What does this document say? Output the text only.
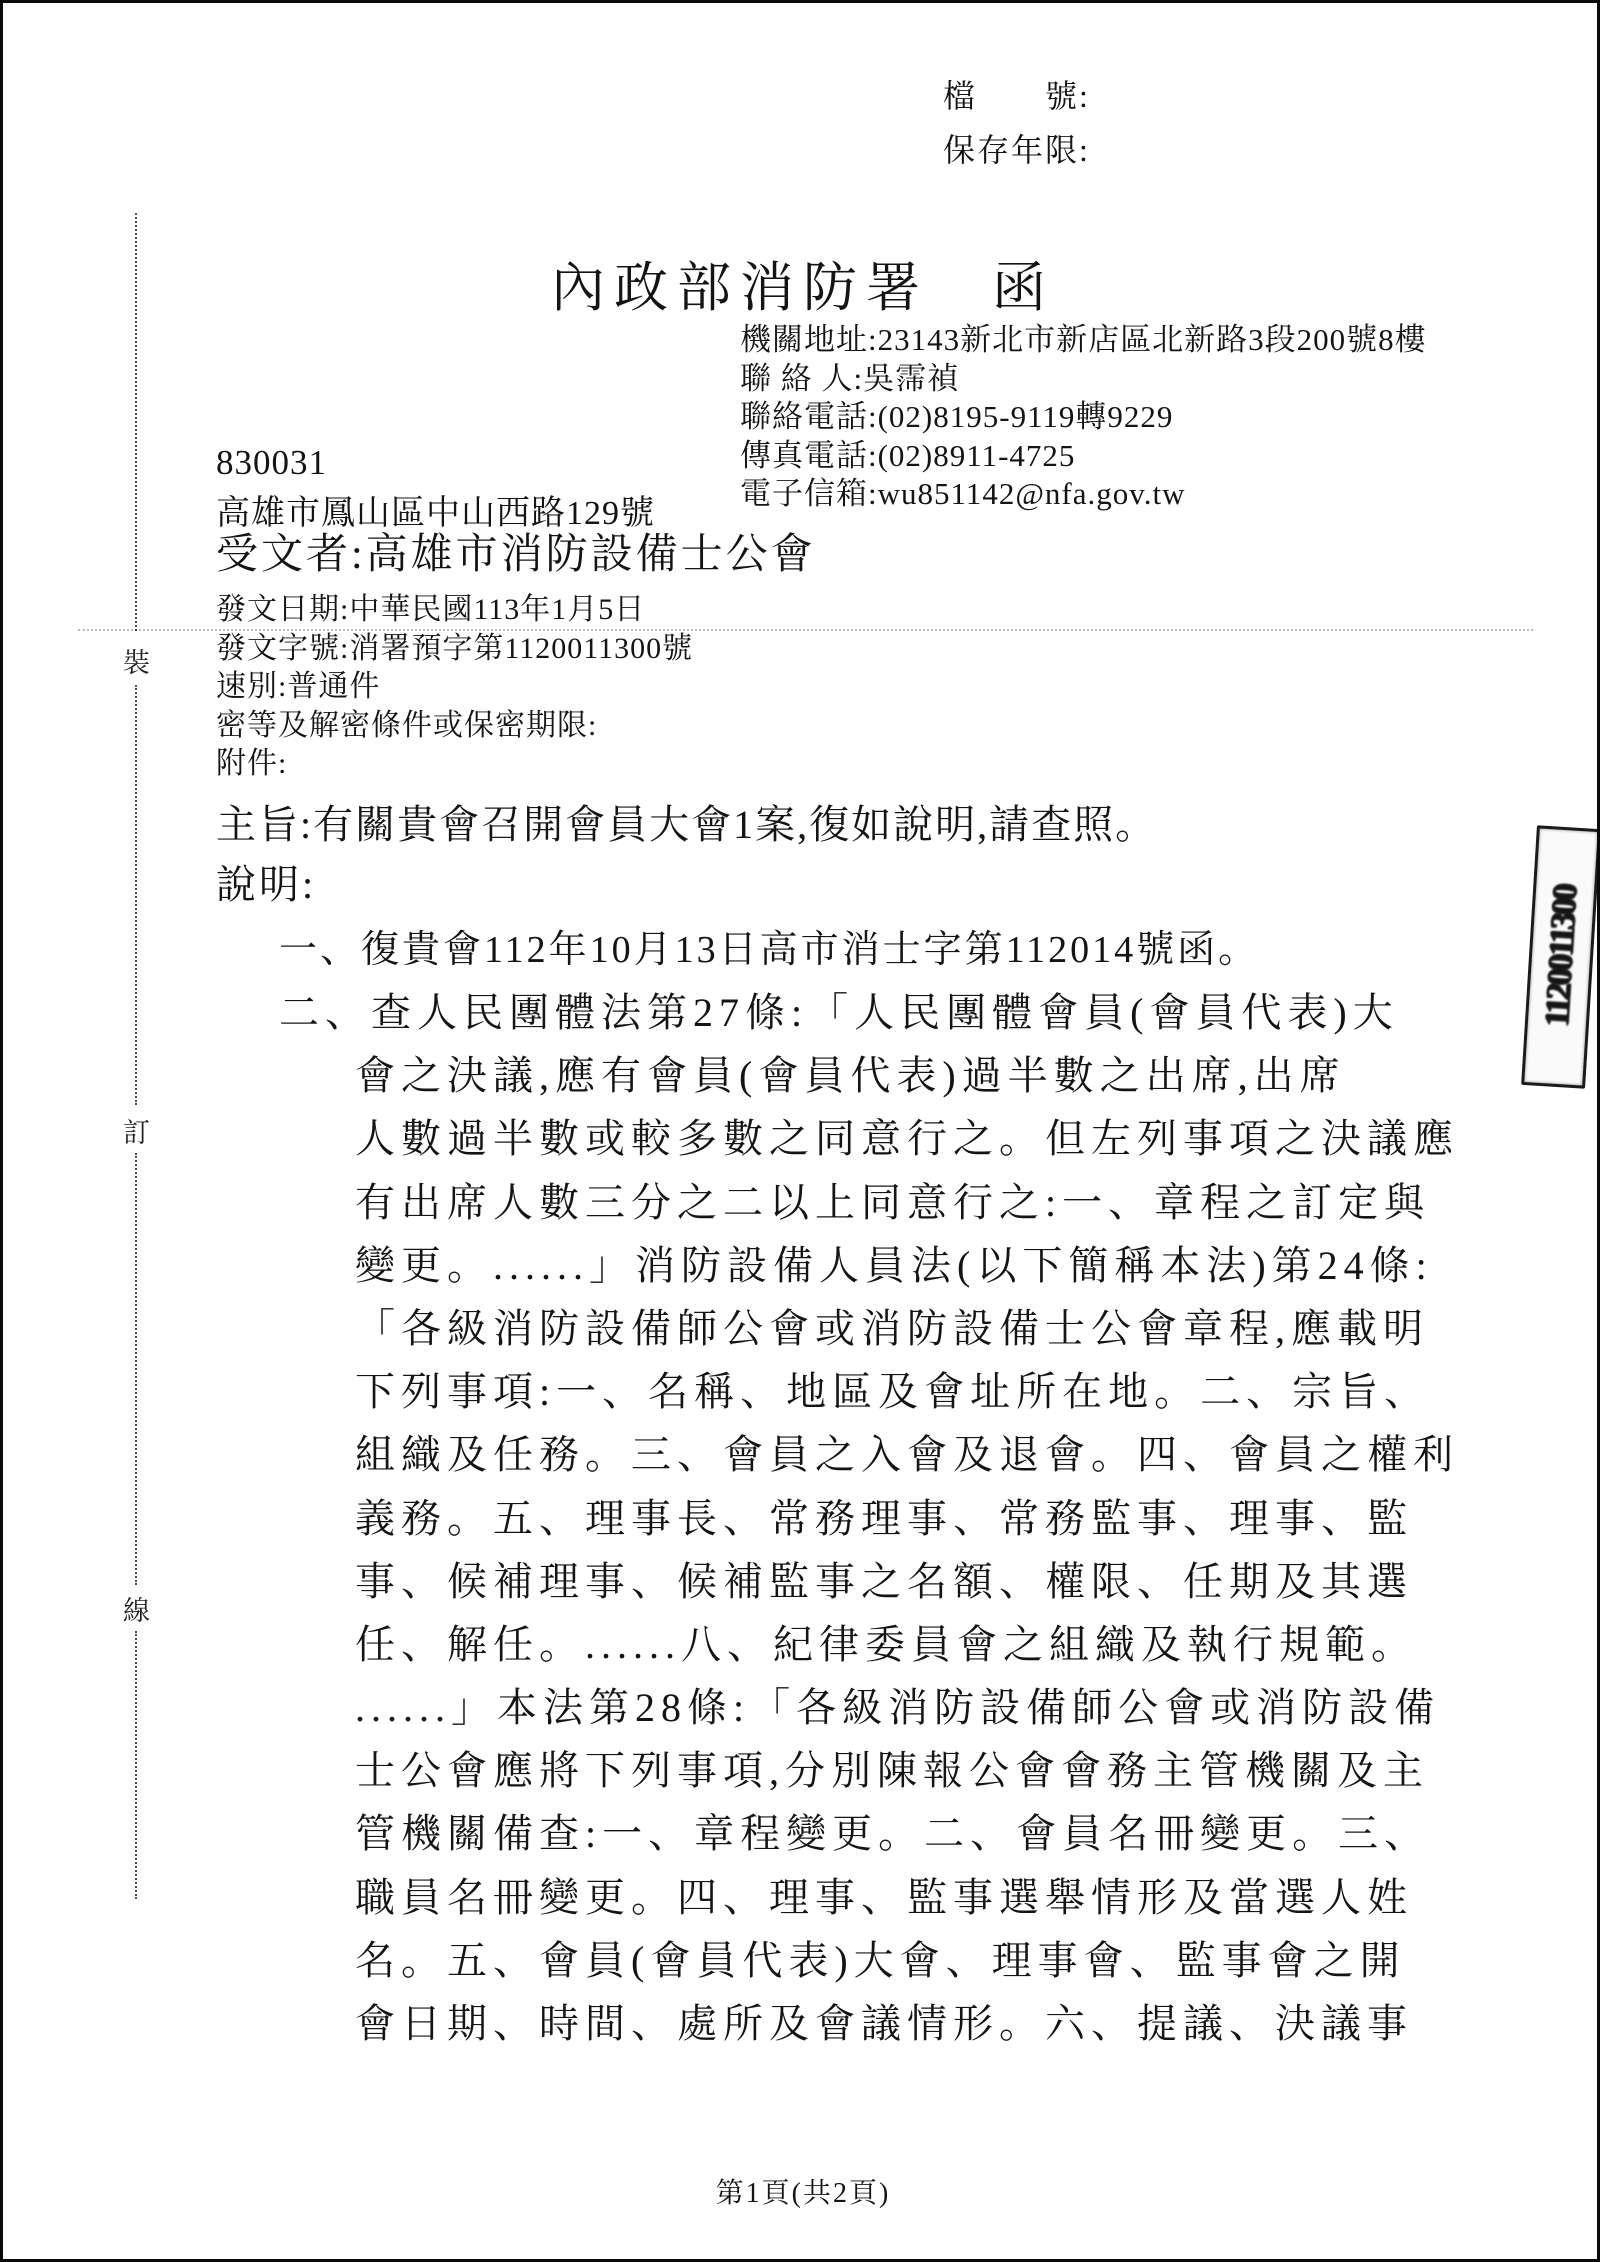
檔　　號:
保存年限:
內政部消防署　函
機關地址:23143新北市新店區北新路3段200號8樓
聯 絡 人:吳霈禎
聯絡電話:(02)8195-9119轉9229
傳真電話:(02)8911-4725
電子信箱:wu851142@nfa.gov.tw
830031
高雄市鳳山區中山西路129號
受文者:高雄市消防設備士公會
發文日期:中華民國113年1月5日
發文字號:消署預字第1120011300號
速別:普通件
密等及解密條件或保密期限:
附件:
主旨:有關貴會召開會員大會1案,復如說明,請查照。
說明:
一、復貴會112年10月13日高市消士字第112014號函。
二、查人民團體法第27條:「人民團體會員(會員代表)大
會之決議,應有會員(會員代表)過半數之出席,出席
人數過半數或較多數之同意行之。但左列事項之決議應
有出席人數三分之二以上同意行之:一、章程之訂定與
變更。......」消防設備人員法(以下簡稱本法)第24條:
「各級消防設備師公會或消防設備士公會章程,應載明
下列事項:一、名稱、地區及會址所在地。二、宗旨、
組織及任務。三、會員之入會及退會。四、會員之權利
義務。五、理事長、常務理事、常務監事、理事、監
事、候補理事、候補監事之名額、權限、任期及其選
任、解任。......八、紀律委員會之組織及執行規範。
......」本法第28條:「各級消防設備師公會或消防設備
士公會應將下列事項,分別陳報公會會務主管機關及主
管機關備查:一、章程變更。二、會員名冊變更。三、
職員名冊變更。四、理事、監事選舉情形及當選人姓
名。五、會員(會員代表)大會、理事會、監事會之開
會日期、時間、處所及會議情形。六、提議、決議事
裝
訂
線
1120011300
第1頁(共2頁)
